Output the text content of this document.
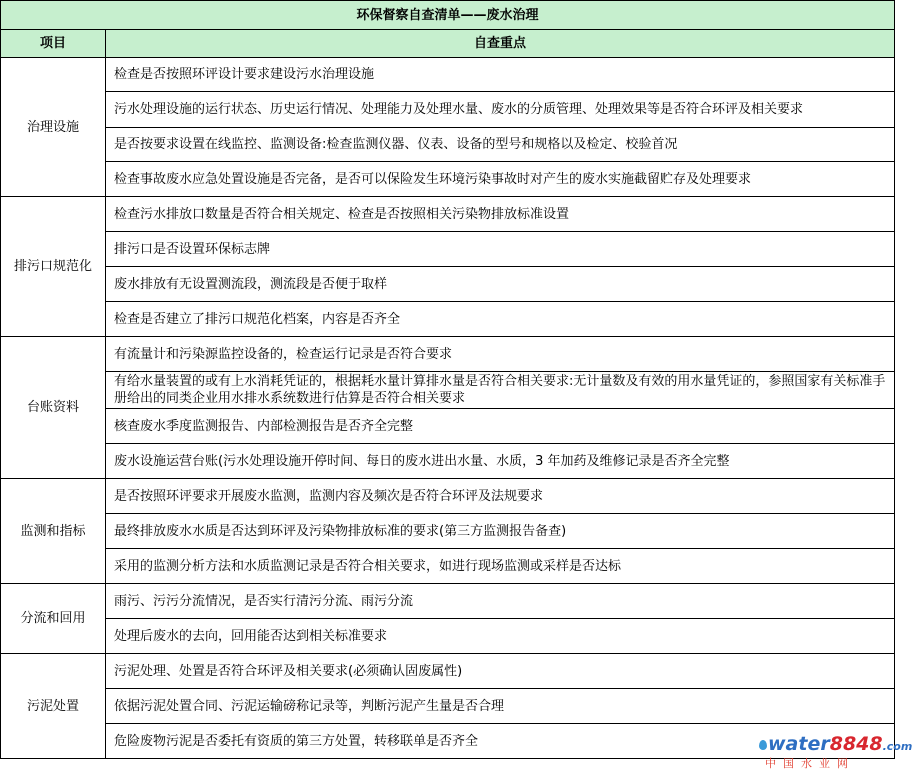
环保督察自查清单——废水治理	
项目	自查重点
治理设施	检查是否按照环评设计要求建设污水治理设施
	污水处理设施的运行状态、历史运行情况、处理能力及处理水量、废水的分质管理、处理效果等是否符合环评及相关要求
	是否按要求设置在线监控、监测设备:检查监测仪器、仪表、设备的型号和规格以及检定、校验首况
	检查事故废水应急处置设施是否完备，是否可以保险发生环境污染事故时对产生的废水实施截留贮存及处理要求
排污口规范化	检查污水排放口数量是否符合相关规定、检查是否按照相关污染物排放标准设置
	排污口是否设置环保标志牌
	废水排放有无设置测流段，测流段是否便于取样
	检查是否建立了排污口规范化档案，内容是否齐全
台账资料	有流量计和污染源监控设备的，检查运行记录是否符合要求
	有给水量装置的或有上水消耗凭证的，根据耗水量计算排水量是否符合相关要求:无计量数及有效的用水量凭证的，参照国家有关标准手册给出的同类企业用水排水系统数进行估算是否符合相关要求
	核查废水季度监测报告、内部检测报告是否齐全完整
	废水设施运营台账(污水处理设施开停时间、每日的废水进出水量、水质，3 年加药及维修记录是否齐全完整
监测和指标	是否按照环评要求开展废水监测，监测内容及频次是否符合环评及法规要求
	最终排放废水水质是否达到环评及污染物排放标准的要求(第三方监测报告备查)
	采用的监测分析方法和水质监测记录是否符合相关要求，如进行现场监测或采样是否达标
分流和回用	雨污、污污分流情况，是否实行清污分流、雨污分流
	处理后废水的去向，回用能否达到相关标准要求
污泥处置	污泥处理、处置是否符合环评及相关要求(必须确认固废属性)
	依据污泥处置合同、污泥运输磅称记录等，判断污泥产生量是否合理
	危险废物污泥是否委托有资质的第三方处置，转移联单是否齐全	water8848.com
中国水业网
